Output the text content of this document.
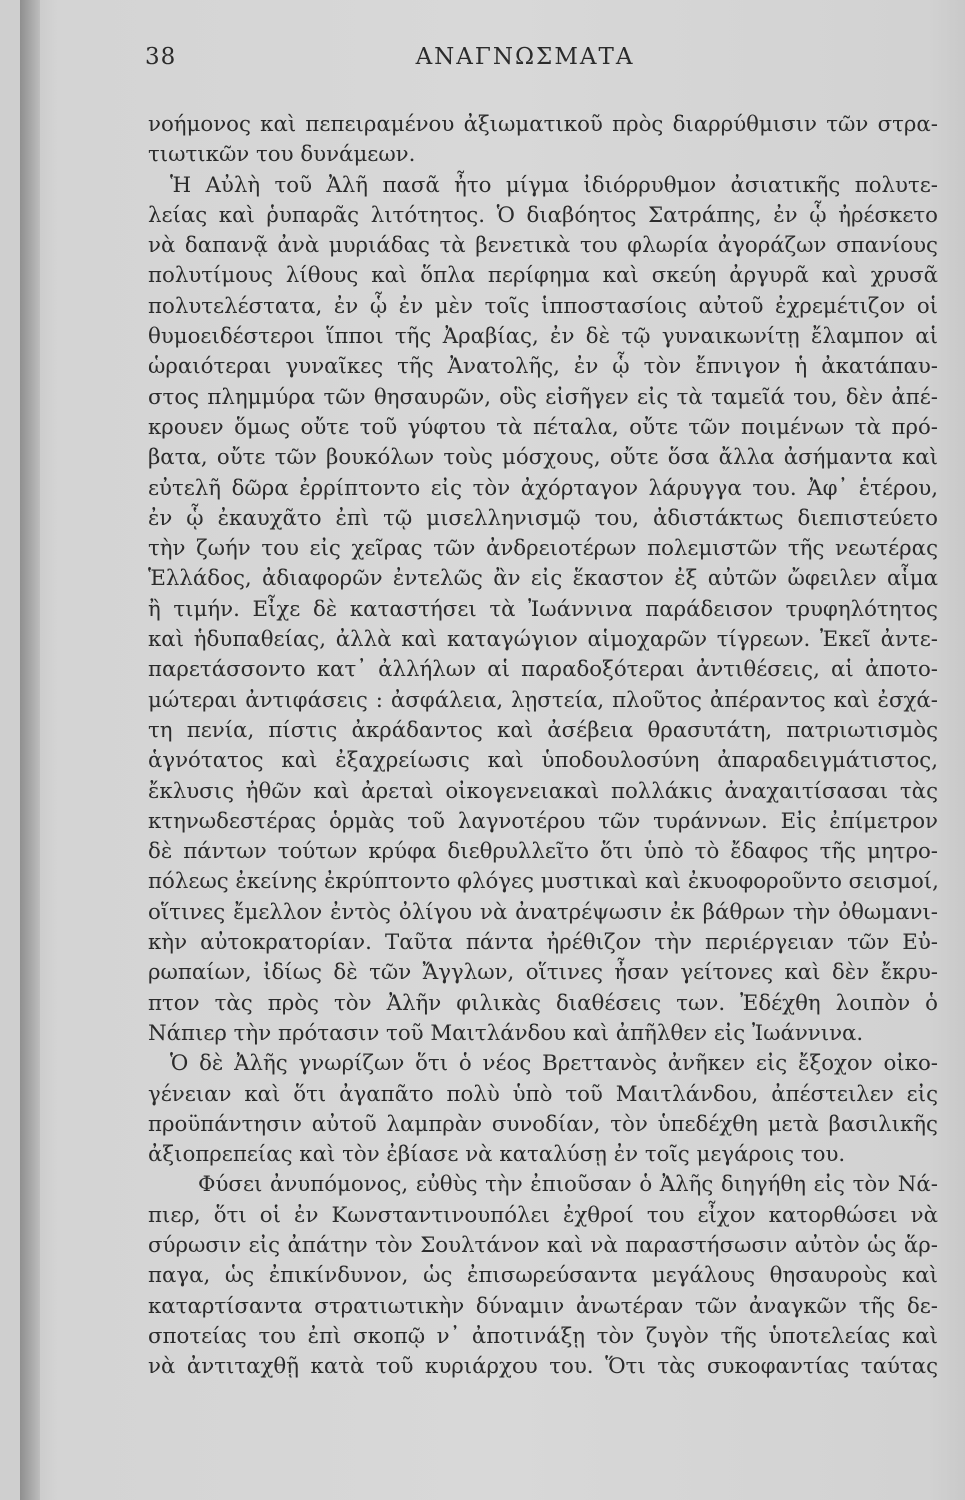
38	ΑΝΑΓΝΩΣΜΑΤΑ
νοήμονος καὶ πεπειραμένου ἀξιωματικοῦ πρὸς διαρρύθμισιν τῶν στρα-
τιωτικῶν του δυνάμεων.
Ἡ Αὐλὴ τοῦ Ἀλῆ πασᾶ ἦτο μίγμα ἰδιόρρυθμον ἀσιατικῆς πολυτε-
λείας καὶ ῥυπαρᾶς λιτότητος. Ὁ διαβόητος Σατράπης, ἐν ᾧ ἠρέσκετο
νὰ δαπανᾷ ἀνὰ μυριάδας τὰ βενετικὰ του φλωρία ἀγοράζων σπανίους
πολυτίμους λίθους καὶ ὅπλα περίφημα καὶ σκεύη ἀργυρᾶ καὶ χρυσᾶ
πολυτελέστατα, ἐν ᾧ ἐν μὲν τοῖς ἱπποστασίοις αὐτοῦ ἐχρεμέτιζον οἱ
θυμοειδέστεροι ἵπποι τῆς Ἀραβίας, ἐν δὲ τῷ γυναικωνίτῃ ἔλαμπον αἱ
ὡραιότεραι γυναῖκες τῆς Ἀνατολῆς, ἐν ᾧ τὸν ἔπνιγον ἡ ἀκατάπαυ-
στος πλημμύρα τῶν θησαυρῶν, οὓς εἰσῆγεν εἰς τὰ ταμεῖά του, δὲν ἀπέ-
κρουεν ὅμως οὔτε τοῦ γύφτου τὰ πέταλα, οὔτε τῶν ποιμένων τὰ πρό-
βατα, οὔτε τῶν βουκόλων τοὺς μόσχους, οὔτε ὅσα ἄλλα ἀσήμαντα καὶ
εὐτελῆ δῶρα ἐρρίπτοντο εἰς τὸν ἀχόρταγον λάρυγγα του. Ἀφ᾽ ἑτέρου,
ἐν ᾧ ἐκαυχᾶτο ἐπὶ τῷ μισελληνισμῷ του, ἀδιστάκτως διεπιστεύετο
τὴν ζωήν του εἰς χεῖρας τῶν ἀνδρειοτέρων πολεμιστῶν τῆς νεωτέρας
Ἑλλάδος, ἀδιαφορῶν ἐντελῶς ἂν εἰς ἕκαστον ἐξ αὐτῶν ὤφειλεν αἷμα
ἢ τιμήν. Εἶχε δὲ καταστήσει τὰ Ἰωάννινα παράδεισον τρυφηλότητος
καὶ ἡδυπαθείας, ἀλλὰ καὶ καταγώγιον αἱμοχαρῶν τίγρεων. Ἐκεῖ ἀντε-
παρετάσσοντο κατ᾽ ἀλλήλων αἱ παραδοξότεραι ἀντιθέσεις, αἱ ἀποτο-
μώτεραι ἀντιφάσεις : ἀσφάλεια, λῃστεία, πλοῦτος ἀπέραντος καὶ ἐσχά-
τη πενία, πίστις ἀκράδαντος καὶ ἀσέβεια θρασυτάτη, πατριωτισμὸς
ἁγνότατος καὶ ἐξαχρείωσις καὶ ὑποδουλοσύνη ἀπαραδειγμάτιστος,
ἔκλυσις ἠθῶν καὶ ἀρεταὶ οἰκογενειακαὶ πολλάκις ἀναχαιτίσασαι τὰς
κτηνωδεστέρας ὁρμὰς τοῦ λαγνοτέρου τῶν τυράννων. Εἰς ἐπίμετρον
δὲ πάντων τούτων κρύφα διεθρυλλεῖτο ὅτι ὑπὸ τὸ ἔδαφος τῆς μητρο-
πόλεως ἐκείνης ἐκρύπτοντο φλόγες μυστικαὶ καὶ ἐκυοφοροῦντο σεισμοί,
οἵτινες ἔμελλον ἐντὸς ὀλίγου νὰ ἀνατρέψωσιν ἐκ βάθρων τὴν ὀθωμανι-
κὴν αὐτοκρατορίαν. Ταῦτα πάντα ἠρέθιζον τὴν περιέργειαν τῶν Εὐ-
ρωπαίων, ἰδίως δὲ τῶν Ἄγγλων, οἵτινες ἦσαν γείτονες καὶ δὲν ἔκρυ-
πτον τὰς πρὸς τὸν Ἀλῆν φιλικὰς διαθέσεις των. Ἐδέχθη λοιπὸν ὁ
Νάπιερ τὴν πρότασιν τοῦ Μαιτλάνδου καὶ ἀπῆλθεν εἰς Ἰωάννινα.
Ὁ δὲ Ἀλῆς γνωρίζων ὅτι ὁ νέος Βρεττανὸς ἀνῆκεν εἰς ἔξοχον οἰκο-
γένειαν καὶ ὅτι ἀγαπᾶτο πολὺ ὑπὸ τοῦ Μαιτλάνδου, ἀπέστειλεν εἰς
προϋπάντησιν αὐτοῦ λαμπρὰν συνοδίαν, τὸν ὑπεδέχθη μετὰ βασιλικῆς
ἀξιοπρεπείας καὶ τὸν ἐβίασε νὰ καταλύσῃ ἐν τοῖς μεγάροις του.
Φύσει ἀνυπόμονος, εὐθὺς τὴν ἐπιοῦσαν ὁ Ἀλῆς διηγήθη εἰς τὸν Νά-
πιερ, ὅτι οἱ ἐν Κωνσταντινουπόλει ἐχθροί του εἶχον κατορθώσει νὰ
σύρωσιν εἰς ἀπάτην τὸν Σουλτάνον καὶ νὰ παραστήσωσιν αὐτὸν ὡς ἅρ-
παγα, ὡς ἐπικίνδυνον, ὡς ἐπισωρεύσαντα μεγάλους θησαυροὺς καὶ
καταρτίσαντα στρατιωτικὴν δύναμιν ἀνωτέραν τῶν ἀναγκῶν τῆς δε-
σποτείας του ἐπὶ σκοπῷ ν᾽ ἀποτινάξῃ τὸν ζυγὸν τῆς ὑποτελείας καὶ
νὰ ἀντιταχθῇ κατὰ τοῦ κυριάρχου του. Ὅτι τὰς συκοφαντίας ταύτας
